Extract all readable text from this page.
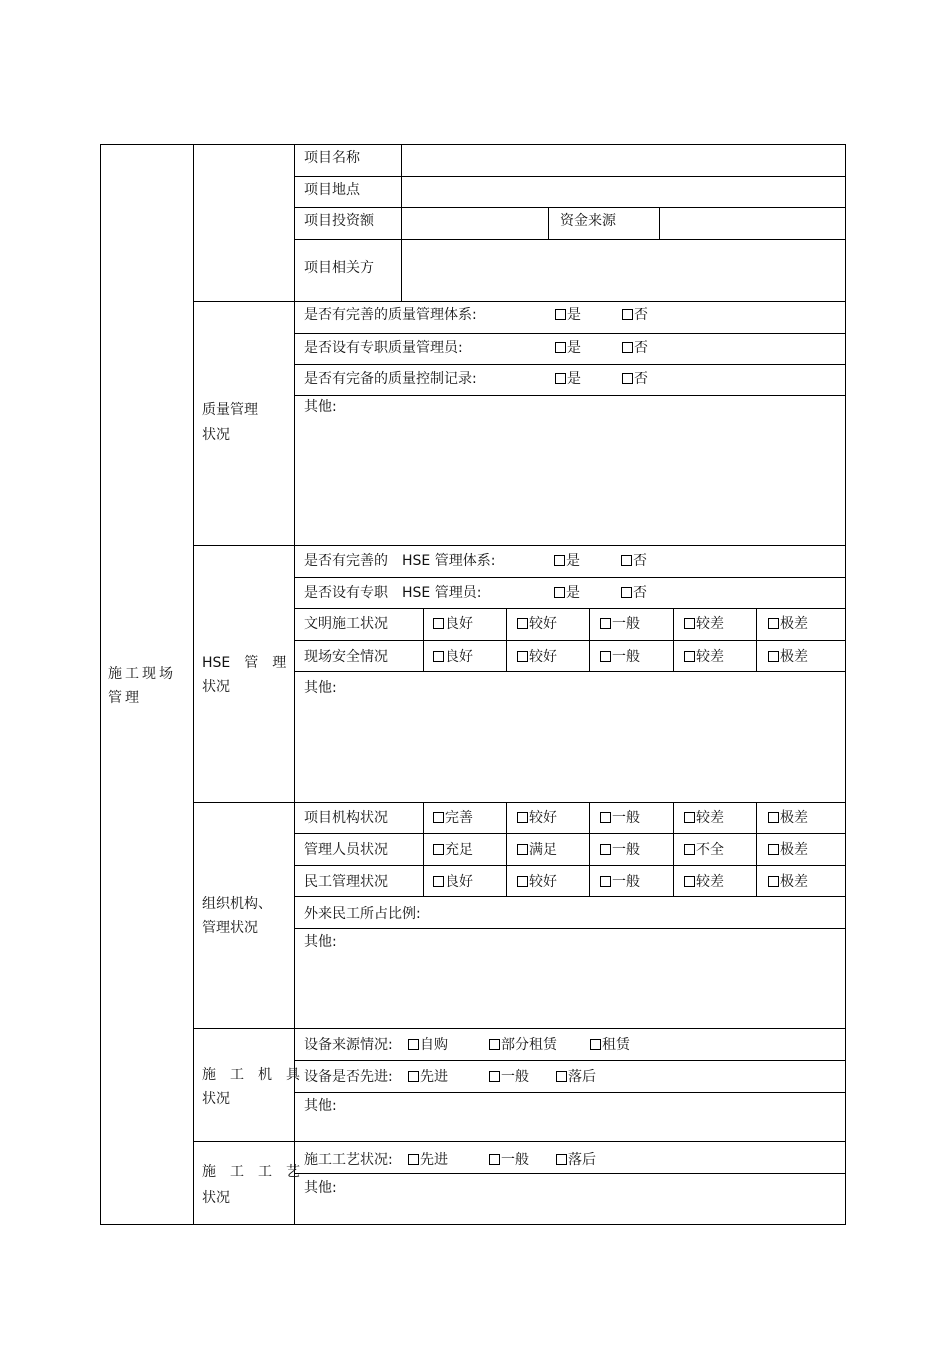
施工现场管理
项目名称
项目地点
项目投资额	资金来源
项目相关方
质量管理
状况
是否有完善的质量管理体系:	是	否
是否设有专职质量管理员:	是	否
是否有完备的质量控制记录:	是	否
其他:
HSE　管　理
状况
是否有完善的　HSE 管理体系:	是	否
是否设有专职　HSE 管理员:	是	否
文明施工状况	良好	较好	一般	较差	极差
现场安全情况	良好	较好	一般	较差	极差
其他:
组织机构、
管理状况
项目机构状况	完善	较好	一般	较差	极差
管理人员状况	充足	满足	一般	不全	极差
民工管理状况	良好	较好	一般	较差	极差
外来民工所占比例:
其他:
施　工　机　具
状况
设备来源情况:	自购	部分租赁	租赁
设备是否先进:	先进	一般	落后
其他:
施　工　工　艺
状况
施工工艺状况:	先进	一般	落后
其他:
